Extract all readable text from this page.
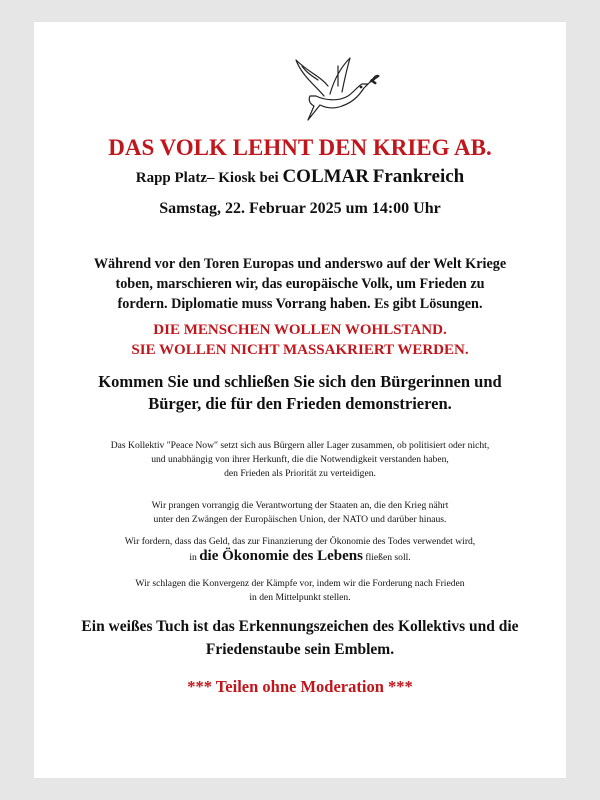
DAS VOLK LEHNT DEN KRIEG AB.

Rapp Platz– Kiosk bei COLMAR Frankreich

Samstag, 22. Februar 2025 um 14:00 Uhr

Während vor den Toren Europas und anderswo auf der Welt Kriege
toben, marschieren wir, das europäische Volk, um Frieden zu
fordern. Diplomatie muss Vorrang haben. Es gibt Lösungen.
DIE MENSCHEN WOLLEN WOHLSTAND.
SIE WOLLEN NICHT MASSAKRIERT WERDEN.
Kommen Sie und schließen Sie sich den Bürgerinnen und
Bürger, die für den Frieden demonstrieren.
Das Kollektiv "Peace Now" setzt sich aus Bürgern aller Lager zusammen, ob politisiert oder nicht,
und unabhängig von ihrer Herkunft, die die Notwendigkeit verstanden haben,
den Frieden als Priorität zu verteidigen.
Wir prangen vorrangig die Verantwortung der Staaten an, die den Krieg nährt
unter den Zwängen der Europäischen Union, der NATO und darüber hinaus.
Wir fordern, dass das Geld, das zur Finanzierung der Ökonomie des Todes verwendet wird,
in die Ökonomie des Lebens fließen soll.
Wir schlagen die Konvergenz der Kämpfe vor, indem wir die Forderung nach Frieden
in den Mittelpunkt stellen.
Ein weißes Tuch ist das Erkennungszeichen des Kollektivs und die
Friedenstaube sein Emblem.

*** Teilen ohne Moderation ***
